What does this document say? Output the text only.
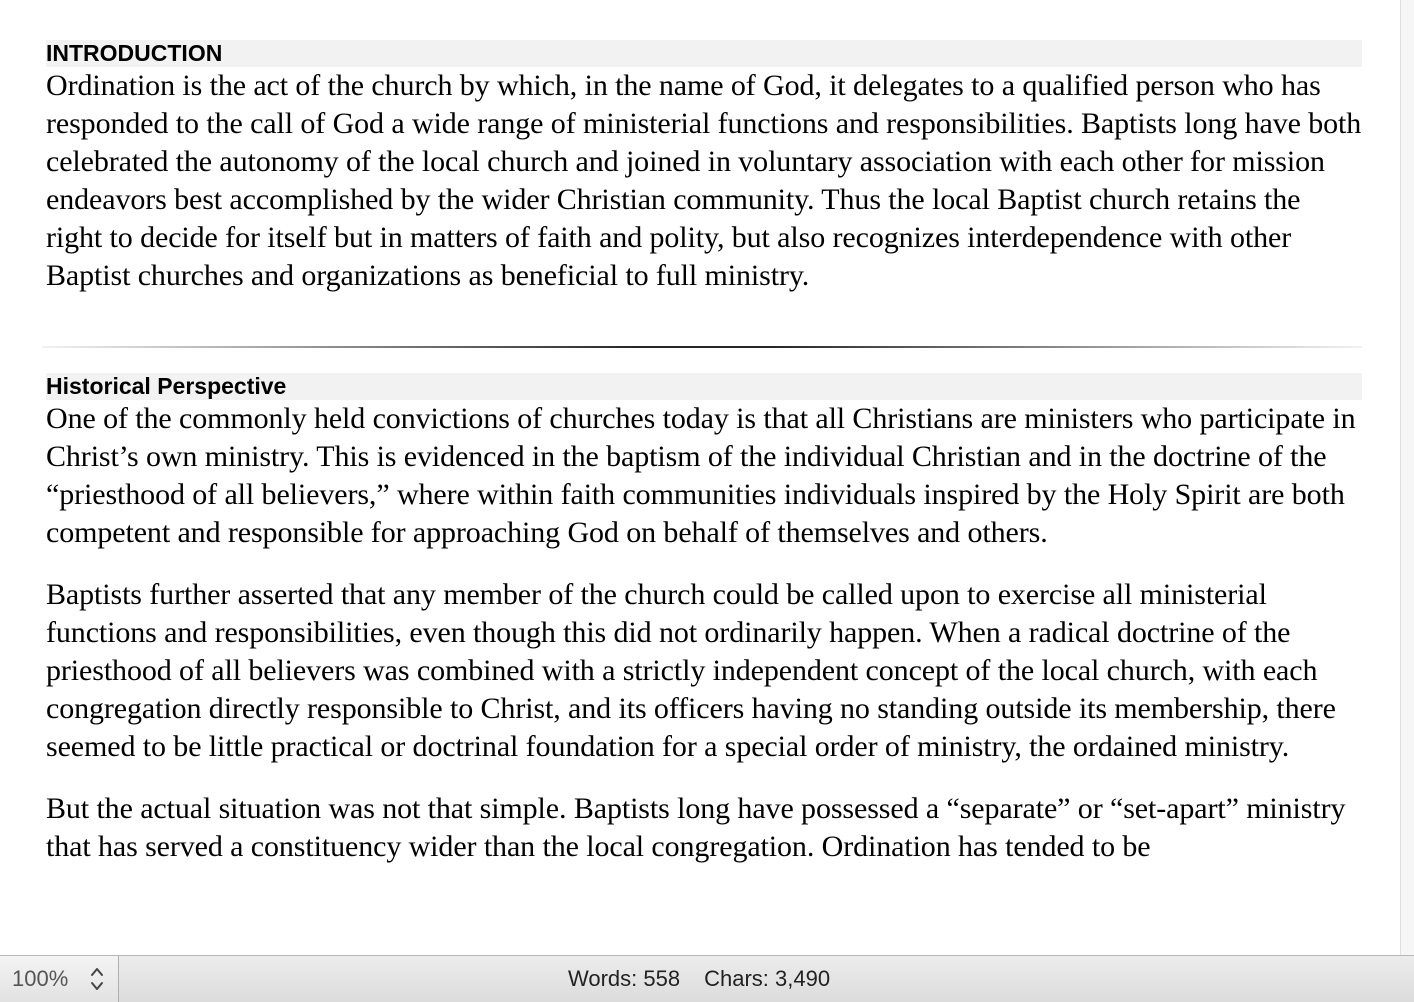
INTRODUCTION

Ordination is the act of the church by which, in the name of God, it delegates to a qualified person who has responded to the call of God a wide range of ministerial functions and responsibilities. Baptists long have both celebrated the autonomy of the local church and joined in voluntary association with each other for mission endeavors best accomplished by the wider Christian community. Thus the local Baptist church retains the right to decide for itself but in matters of faith and polity, but also recognizes interdependence with other Baptist churches and organizations as beneficial to full ministry.

Historical Perspective

One of the commonly held convictions of churches today is that all Christians are ministers who participate in Christ’s own ministry. This is evidenced in the baptism of the individual Christian and in the doctrine of the “priesthood of all believers,” where within faith communities individuals inspired by the Holy Spirit are both competent and responsible for approaching God on behalf of themselves and others.

Baptists further asserted that any member of the church could be called upon to exercise all ministerial functions and responsibilities, even though this did not ordinarily happen. When a radical doctrine of the priesthood of all believers was combined with a strictly independent concept of the local church, with each congregation directly responsible to Christ, and its officers having no standing outside its membership, there seemed to be little practical or doctrinal foundation for a special order of ministry, the ordained ministry.

But the actual situation was not that simple. Baptists long have possessed a “separate” or “set-apart” ministry that has served a constituency wider than the local congregation. Ordination has tended to be

100%	Words: 558 Chars: 3,490
